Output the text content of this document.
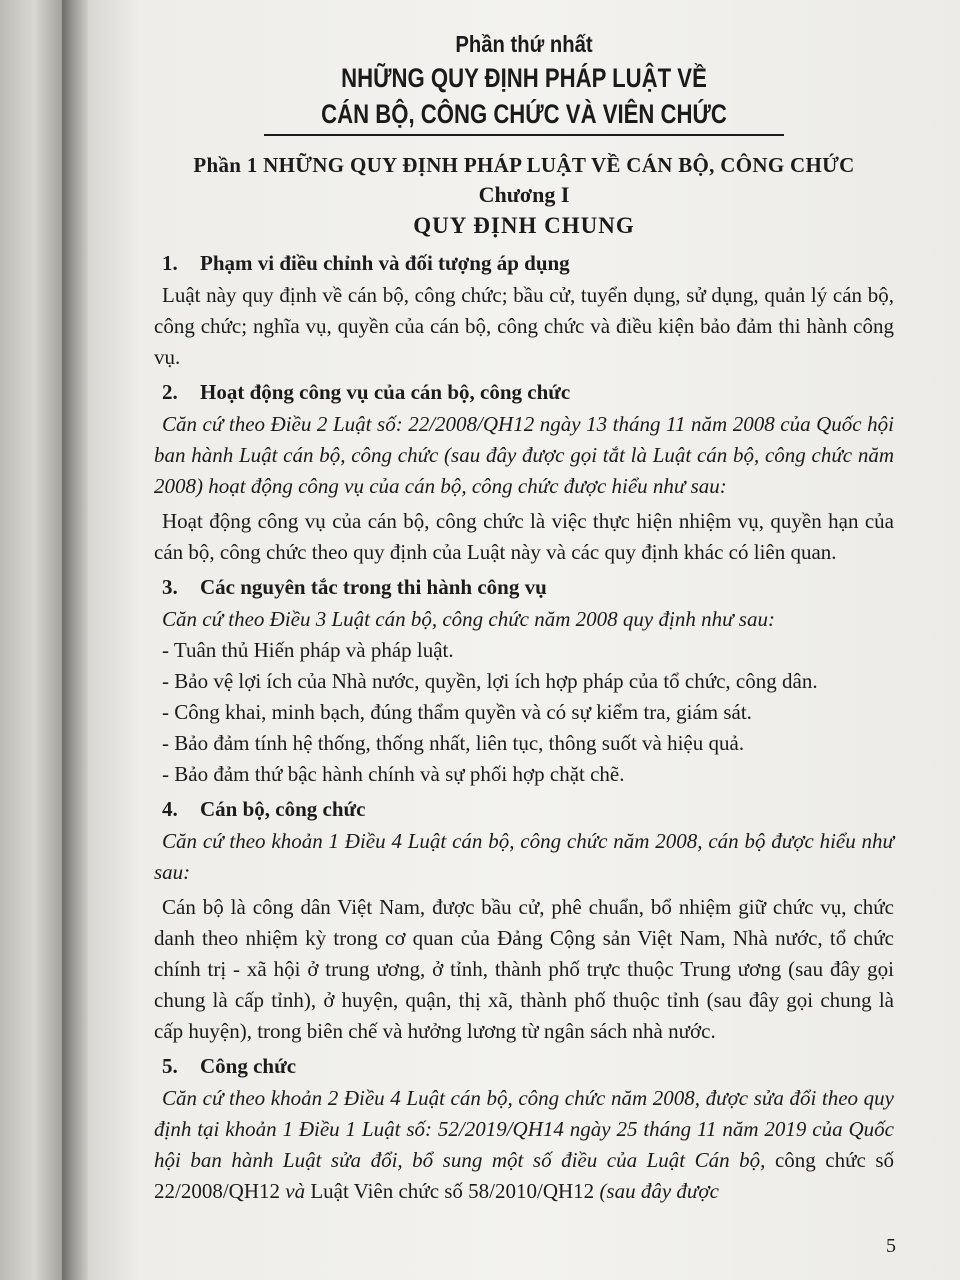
Phần thứ nhất
NHỮNG QUY ĐỊNH PHÁP LUẬT VỀ
CÁN BỘ, CÔNG CHỨC VÀ VIÊN CHỨC
Phần 1 NHỮNG QUY ĐỊNH PHÁP LUẬT VỀ CÁN BỘ, CÔNG CHỨC
Chương I
QUY ĐỊNH CHUNG
1. Phạm vi điều chỉnh và đối tượng áp dụng

Luật này quy định về cán bộ, công chức; bầu cử, tuyển dụng, sử dụng, quản lý cán bộ, công chức; nghĩa vụ, quyền của cán bộ, công chức và điều kiện bảo đảm thi hành công vụ.

2. Hoạt động công vụ của cán bộ, công chức

Căn cứ theo Điều 2 Luật số: 22/2008/QH12 ngày 13 tháng 11 năm 2008 của Quốc hội ban hành Luật cán bộ, công chức (sau đây được gọi tắt là Luật cán bộ, công chức năm 2008) hoạt động công vụ của cán bộ, công chức được hiểu như sau:

Hoạt động công vụ của cán bộ, công chức là việc thực hiện nhiệm vụ, quyền hạn của cán bộ, công chức theo quy định của Luật này và các quy định khác có liên quan.

3. Các nguyên tắc trong thi hành công vụ

Căn cứ theo Điều 3 Luật cán bộ, công chức năm 2008 quy định như sau:

- Tuân thủ Hiến pháp và pháp luật.
- Bảo vệ lợi ích của Nhà nước, quyền, lợi ích hợp pháp của tổ chức, công dân.
- Công khai, minh bạch, đúng thẩm quyền và có sự kiểm tra, giám sát.
- Bảo đảm tính hệ thống, thống nhất, liên tục, thông suốt và hiệu quả.
- Bảo đảm thứ bậc hành chính và sự phối hợp chặt chẽ.
4. Cán bộ, công chức

Căn cứ theo khoản 1 Điều 4 Luật cán bộ, công chức năm 2008, cán bộ được hiểu như sau:

Cán bộ là công dân Việt Nam, được bầu cử, phê chuẩn, bổ nhiệm giữ chức vụ, chức danh theo nhiệm kỳ trong cơ quan của Đảng Cộng sản Việt Nam, Nhà nước, tổ chức chính trị - xã hội ở trung ương, ở tỉnh, thành phố trực thuộc Trung ương (sau đây gọi chung là cấp tỉnh), ở huyện, quận, thị xã, thành phố thuộc tỉnh (sau đây gọi chung là cấp huyện), trong biên chế và hưởng lương từ ngân sách nhà nước.

5. Công chức

Căn cứ theo khoản 2 Điều 4 Luật cán bộ, công chức năm 2008, được sửa đổi theo quy định tại khoản 1 Điều 1 Luật số: 52/2019/QH14 ngày 25 tháng 11 năm 2019 của Quốc hội ban hành Luật sửa đổi, bổ sung một số điều của Luật Cán bộ, công chức số 22/2008/QH12 và Luật Viên chức số 58/2010/QH12 (sau đây được

5
